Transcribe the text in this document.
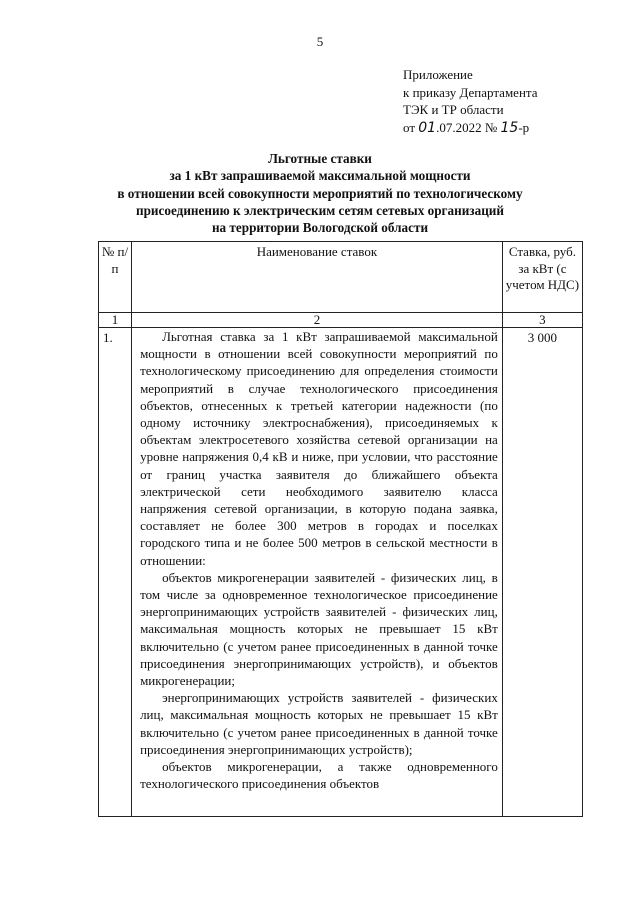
5
Приложение
к приказу Департамента
ТЭК и ТР области
от 01.07.2022 № 15-р
Льготные ставки
за 1 кВт запрашиваемой максимальной мощности
в отношении всей совокупности мероприятий по технологическому
присоединению к электрическим сетям сетевых организаций
на территории Вологодской области
№ п/п	Наименование ставок	Ставка, руб. за кВт (с учетом НДС)
1	2	3
1.	Льготная ставка за 1 кВт запрашиваемой максимальной мощности в отношении всей совокупности мероприятий по технологическому присоединению для определения стоимости мероприятий в случае технологического присоединения объектов, отнесенных к третьей категории надежности (по одному источнику электроснабжения), присоединяемых к объектам электросетевого хозяйства сетевой организации на уровне напряжения 0,4 кВ и ниже, при условии, что расстояние от границ участка заявителя до ближайшего объекта электрической сети необходимого заявителю класса напряжения сетевой организации, в которую подана заявка, составляет не более 300 метров в городах и поселках городского типа и не более 500 метров в сельской местности в отношении:

объектов микрогенерации заявителей - физических лиц, в том числе за одновременное технологическое присоединение энергопринимающих устройств заявителей - физических лиц, максимальная мощность которых не превышает 15 кВт включительно (с учетом ранее присоединенных в данной точке присоединения энергопринимающих устройств), и объектов микрогенерации;

энергопринимающих устройств заявителей - физических лиц, максимальная мощность которых не превышает 15 кВт включительно (с учетом ранее присоединенных в данной точке присоединения энергопринимающих устройств);

объектов микрогенерации, а также одновременного технологического присоединения объектов	3 000
